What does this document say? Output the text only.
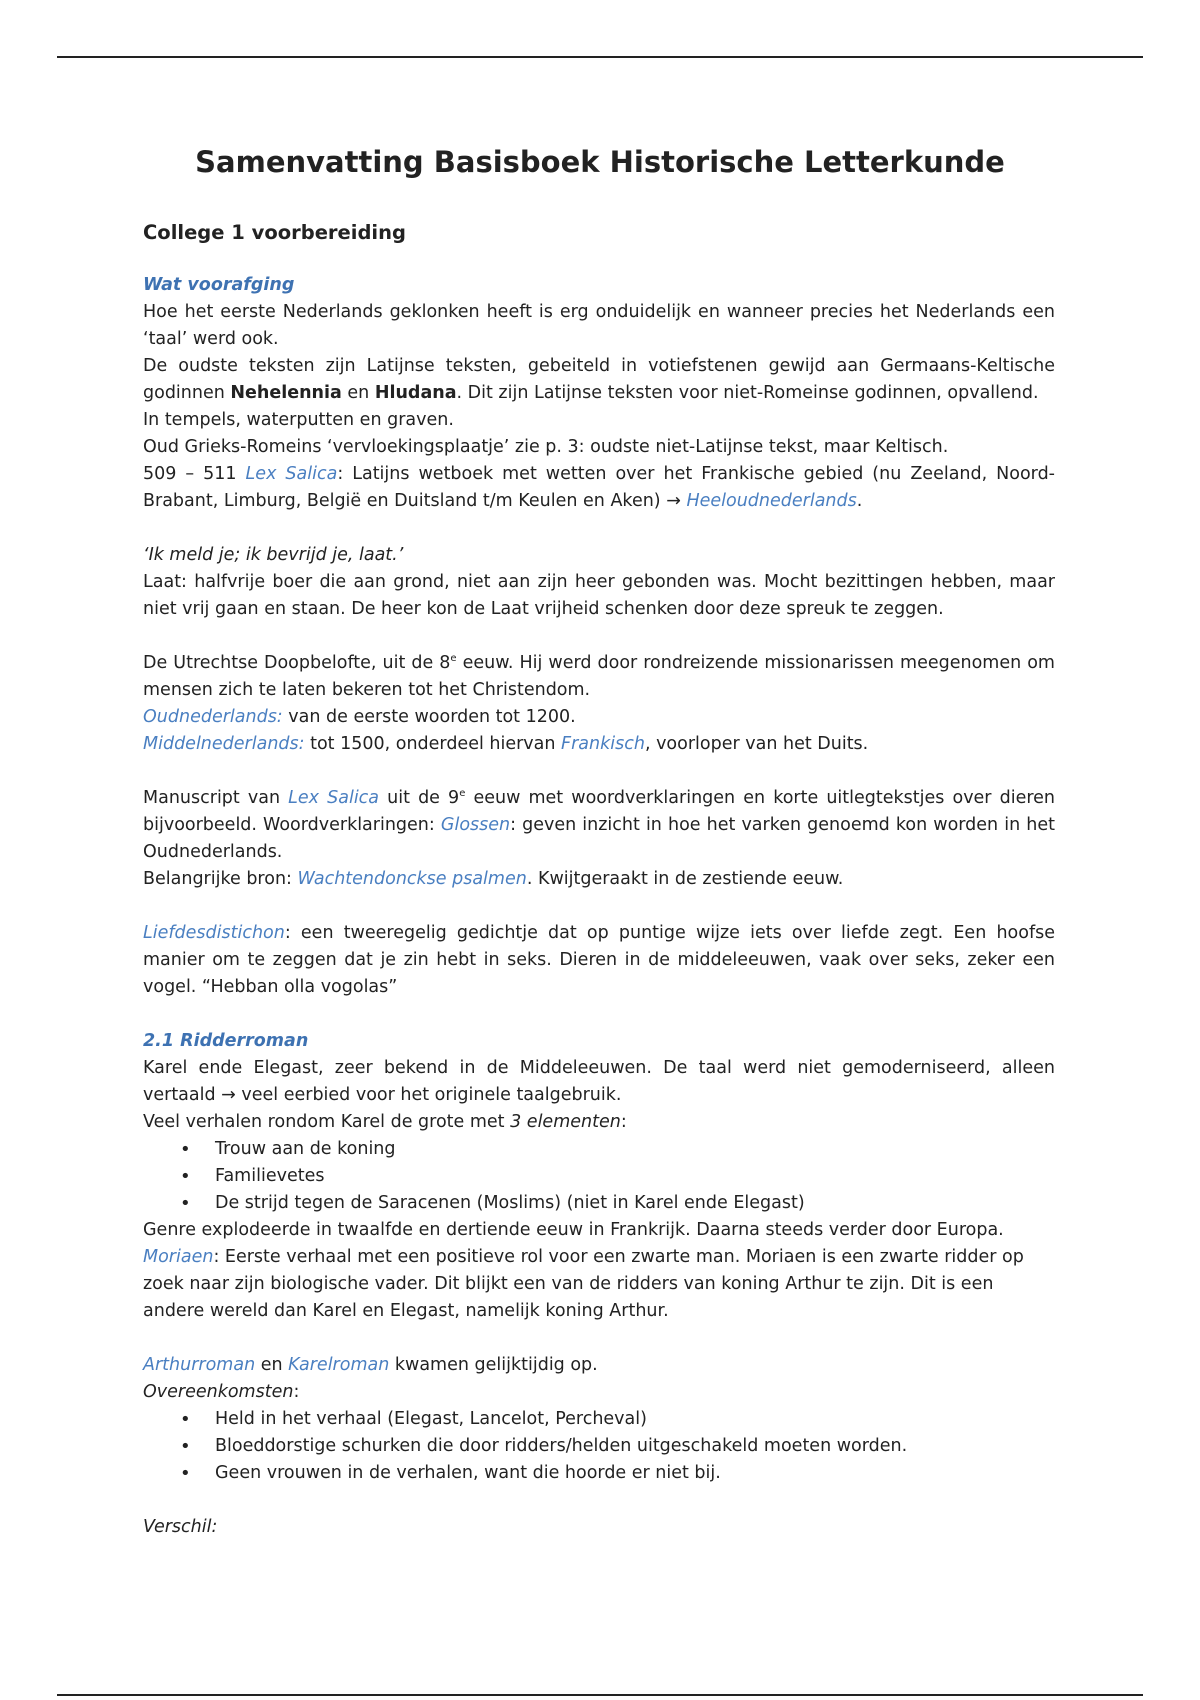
Samenvatting Basisboek Historische Letterkunde

College 1 voorbereiding

Wat voorafging

Hoe het eerste Nederlands geklonken heeft is erg onduidelijk en wanneer precies het Nederlands een ‘taal’ werd ook.

De oudste teksten zijn Latijnse teksten, gebeiteld in votiefstenen gewijd aan Germaans-Keltische godinnen Nehelennia en Hludana. Dit zijn Latijnse teksten voor niet-Romeinse godinnen, opvallend.

In tempels, waterputten en graven.

Oud Grieks-Romeins ‘vervloekingsplaatje’ zie p. 3: oudste niet-Latijnse tekst, maar Keltisch.

509 – 511 Lex Salica: Latijns wetboek met wetten over het Frankische gebied (nu Zeeland, Noord-Brabant, Limburg, België en Duitsland t/m Keulen en Aken) → Heeloudnederlands.

‘Ik meld je; ik bevrijd je, laat.’

Laat: halfvrije boer die aan grond, niet aan zijn heer gebonden was. Mocht bezittingen hebben, maar niet vrij gaan en staan. De heer kon de Laat vrijheid schenken door deze spreuk te zeggen.

De Utrechtse Doopbelofte, uit de 8e eeuw. Hij werd door rondreizende missionarissen meegenomen om mensen zich te laten bekeren tot het Christendom.

Oudnederlands: van de eerste woorden tot 1200.

Middelnederlands: tot 1500, onderdeel hiervan Frankisch, voorloper van het Duits.

Manuscript van Lex Salica uit de 9e eeuw met woordverklaringen en korte uitlegtekstjes over dieren bijvoorbeeld. Woordverklaringen: Glossen: geven inzicht in hoe het varken genoemd kon worden in het Oudnederlands.

Belangrijke bron: Wachtendonckse psalmen. Kwijtgeraakt in de zestiende eeuw.

Liefdesdistichon: een tweeregelig gedichtje dat op puntige wijze iets over liefde zegt. Een hoofse manier om te zeggen dat je zin hebt in seks. Dieren in de middeleeuwen, vaak over seks, zeker een vogel. “Hebban olla vogolas”

2.1 Ridderroman

Karel ende Elegast, zeer bekend in de Middeleeuwen. De taal werd niet gemoderniseerd, alleen vertaald → veel eerbied voor het originele taalgebruik.

Veel verhalen rondom Karel de grote met 3 elementen:

• Trouw aan de koning
• Familievetes
• De strijd tegen de Saracenen (Moslims) (niet in Karel ende Elegast)

Genre explodeerde in twaalfde en dertiende eeuw in Frankrijk. Daarna steeds verder door Europa.

Moriaen: Eerste verhaal met een positieve rol voor een zwarte man. Moriaen is een zwarte ridder op zoek naar zijn biologische vader. Dit blijkt een van de ridders van koning Arthur te zijn. Dit is een andere wereld dan Karel en Elegast, namelijk koning Arthur.

Arthurroman en Karelroman kwamen gelijktijdig op.

Overeenkomsten:

• Held in het verhaal (Elegast, Lancelot, Percheval)
• Bloeddorstige schurken die door ridders/helden uitgeschakeld moeten worden.
• Geen vrouwen in de verhalen, want die hoorde er niet bij.

Verschil:
